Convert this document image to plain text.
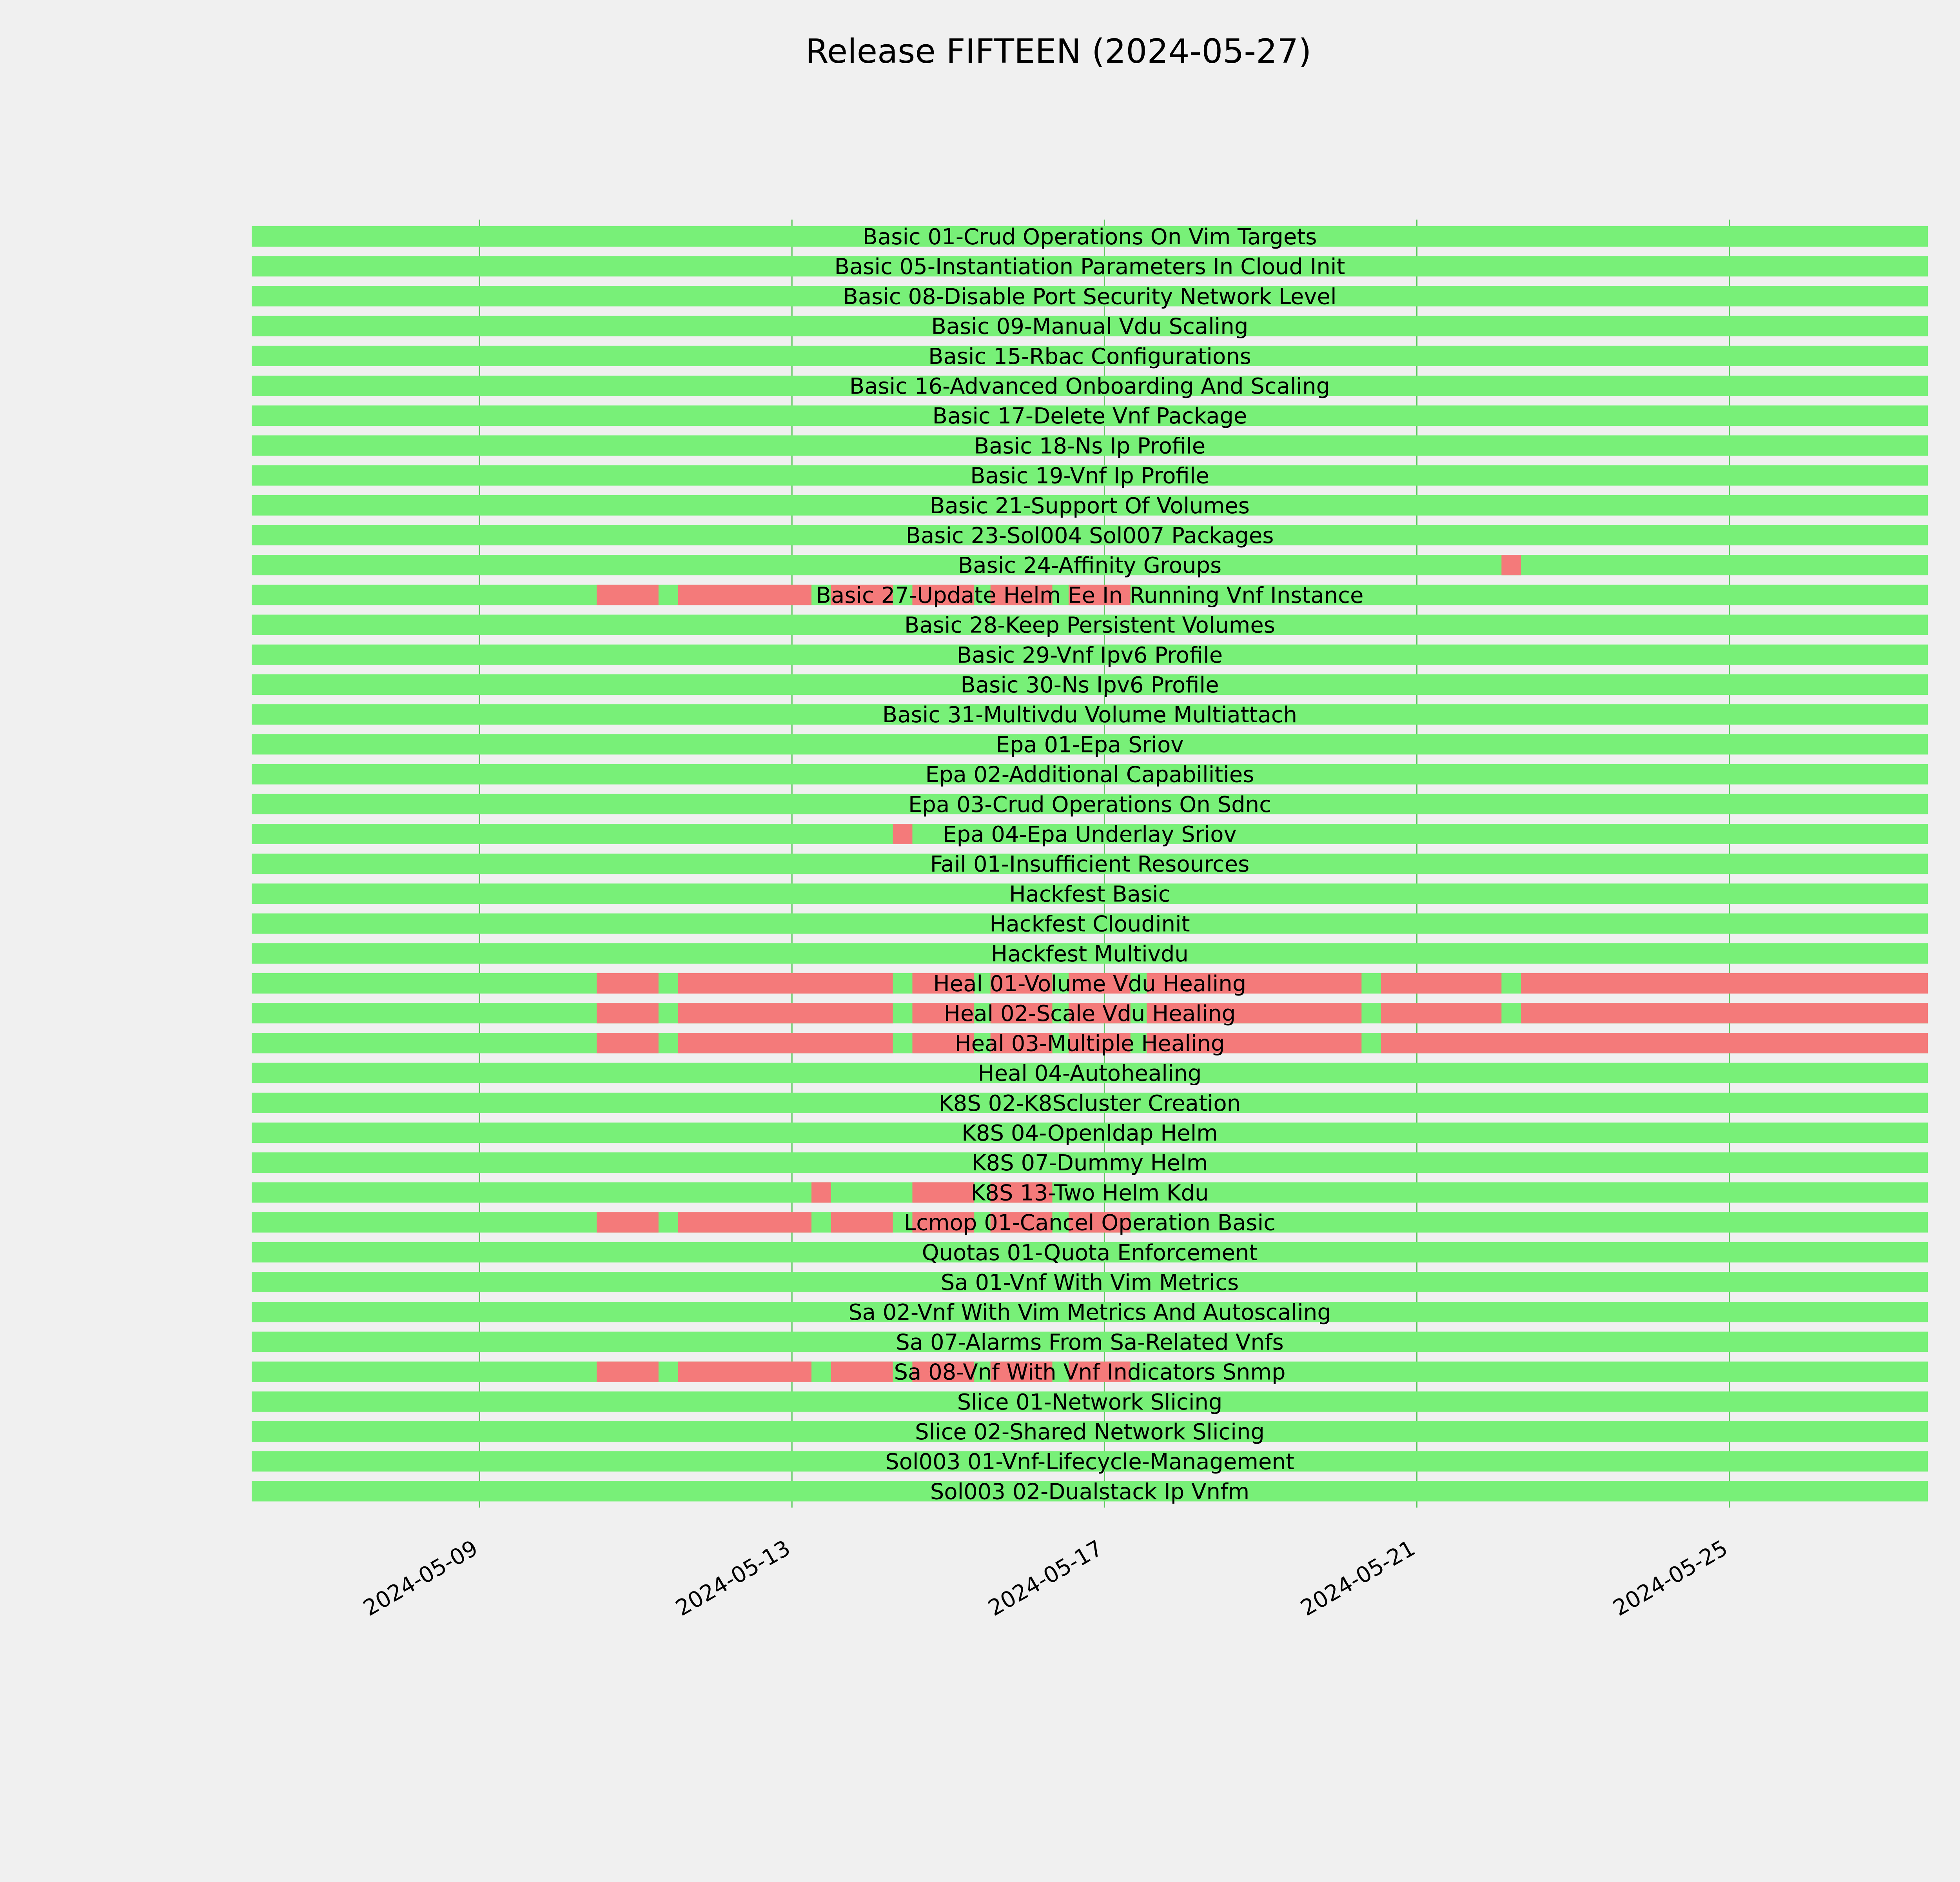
Release FIFTEEN (2024-05-27)
Basic 01-Crud Operations On Vim Targets
Basic 05-Instantiation Parameters In Cloud Init
Basic 08-Disable Port Security Network Level
Basic 09-Manual Vdu Scaling
Basic 15-Rbac Configurations
Basic 16-Advanced Onboarding And Scaling
Basic 17-Delete Vnf Package
Basic 18-Ns Ip Profile
Basic 19-Vnf Ip Profile
Basic 21-Support Of Volumes
Basic 23-Sol004 Sol007 Packages
Basic 24-Affinity Groups
Basic 27-Update Helm Ee In Running Vnf Instance
Basic 28-Keep Persistent Volumes
Basic 29-Vnf Ipv6 Profile
Basic 30-Ns Ipv6 Profile
Basic 31-Multivdu Volume Multiattach
Epa 01-Epa Sriov
Epa 02-Additional Capabilities
Epa 03-Crud Operations On Sdnc
Epa 04-Epa Underlay Sriov
Fail 01-Insufficient Resources
Hackfest Basic
Hackfest Cloudinit
Hackfest Multivdu
Heal 01-Volume Vdu Healing
Heal 02-Scale Vdu Healing
Heal 03-Multiple Healing
Heal 04-Autohealing
K8S 02-K8Scluster Creation
K8S 04-Openldap Helm
K8S 07-Dummy Helm
K8S 13-Two Helm Kdu
Lcmop 01-Cancel Operation Basic
Quotas 01-Quota Enforcement
Sa 01-Vnf With Vim Metrics
Sa 02-Vnf With Vim Metrics And Autoscaling
Sa 07-Alarms From Sa-Related Vnfs
Sa 08-Vnf With Vnf Indicators Snmp
Slice 01-Network Slicing
Slice 02-Shared Network Slicing
Sol003 01-Vnf-Lifecycle-Management
Sol003 02-Dualstack Ip Vnfm
2024-05-09	2024-05-13	2024-05-17	2024-05-21	2024-05-25
